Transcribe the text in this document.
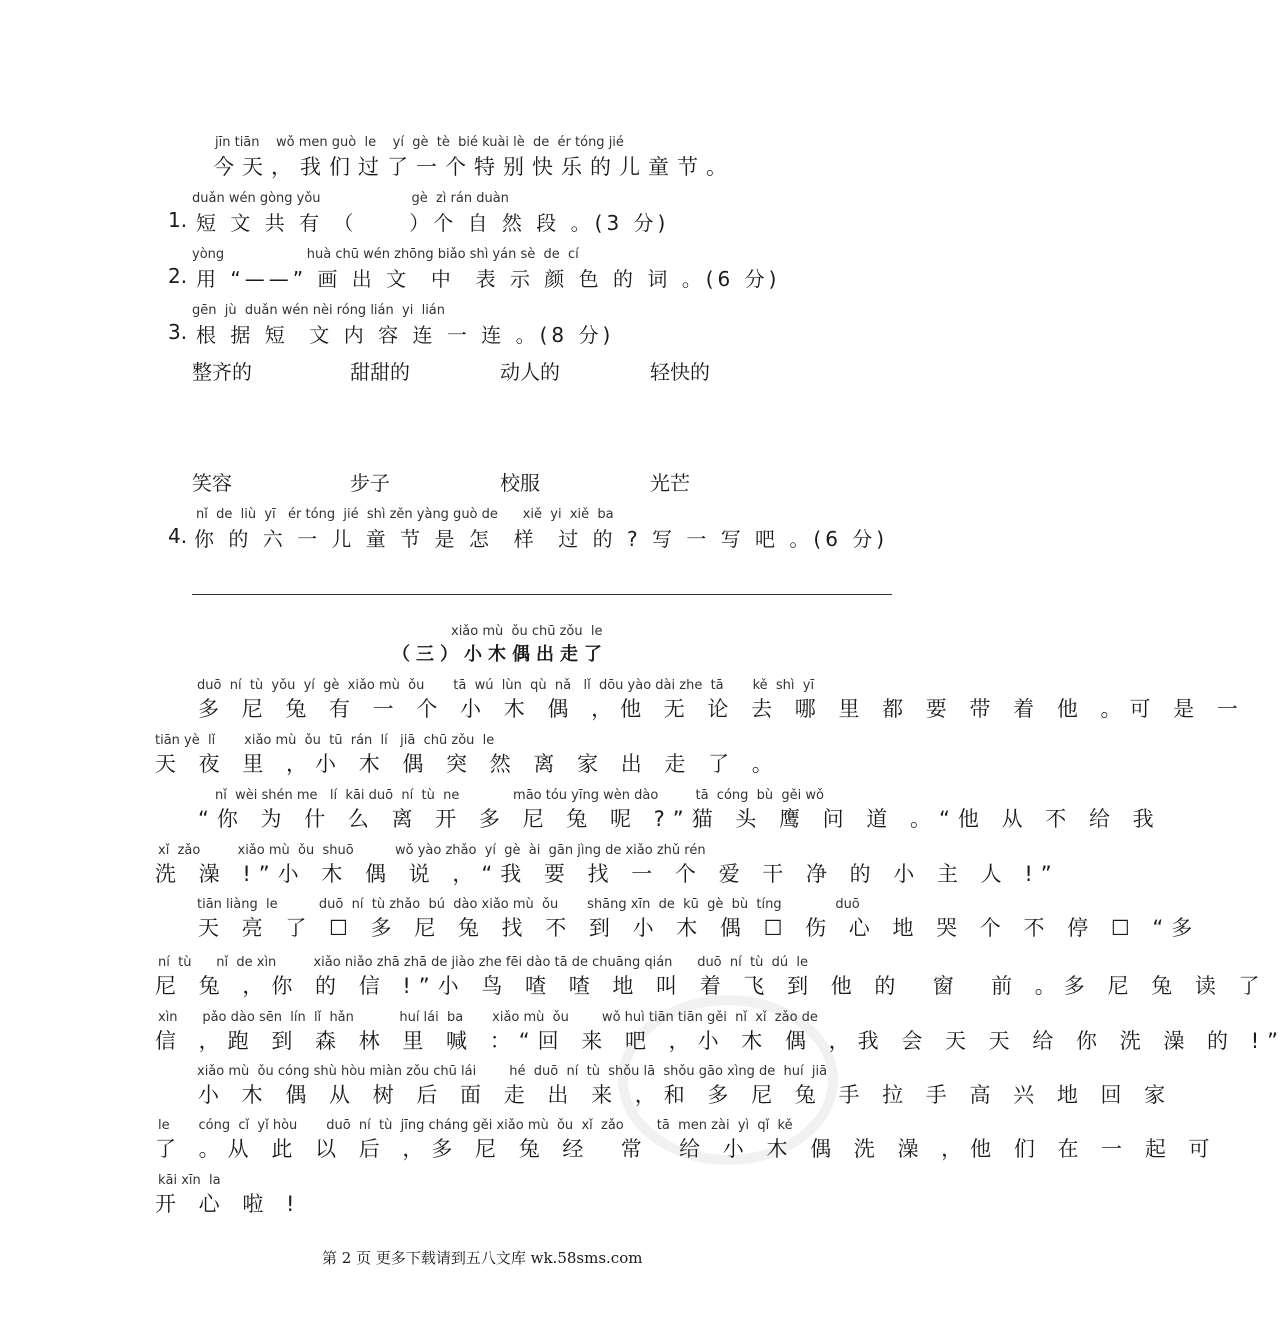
jīn tiān    wǒ men guò  le    yí  gè  tè  bié kuài lè  de  ér tóng jié
今天，我们过了一个特别快乐的儿童节。
duǎn wén gòng yǒu                      gè  zì rán duàn
1. 短 文 共 有 （     ）个 自 然 段 。(3 分)
yòng                    huà chū wén zhōng biǎo shì yán sè  de  cí
2. 用 “——” 画 出 文  中  表 示 颜 色 的 词 。(6 分)
gēn  jù  duǎn wén nèi róng lián  yi  lián
3. 根 据 短  文 内 容 连 一 连 。(8 分)
整齐的	甜甜的	动人的	轻快的
笑容	步子	校服	光芒
nǐ  de  liù  yī   ér tóng  jié  shì zěn yàng guò de      xiě  yi  xiě  ba
4. 你 的 六 一 儿 童 节 是 怎  样  过 的 ? 写 一 写 吧 。(6 分)
xiǎo mù  ǒu chū zǒu  le
（三）小木偶出走了
duō  ní  tù  yǒu  yí  gè  xiǎo mù  ǒu       tā  wú  lùn  qù  nǎ   lǐ  dōu yào dài zhe  tā       kě  shì  yī
多 尼 兔 有 一 个 小 木 偶 ，他 无 论 去 哪 里 都 要 带 着 他 。可 是 一
tiān yè  lǐ       xiǎo mù  ǒu  tū  rán  lí   jiā  chū zǒu  le
天 夜 里 ，小 木 偶 突 然 离 家 出 走 了 。
nǐ  wèi shén me   lí  kāi duō  ní  tù  ne             māo tóu yīng wèn dào         tā  cóng  bù  gěi wǒ
“你 为 什 么 离 开 多 尼 兔 呢 ?”猫 头 鹰 问 道 。“他 从 不 给 我
xǐ  zǎo         xiǎo mù  ǒu  shuō          wǒ yào zhǎo  yí  gè  ài  gān jìng de xiǎo zhǔ rén
洗 澡 !”小 木 偶 说 ，“我 要 找 一 个 爱 干 净 的 小 主 人 !”
tiān liàng  le          duō  ní  tù zhǎo  bú  dào xiǎo mù  ǒu       shāng xīn  de  kū  gè  bù  tíng             duō
天 亮 了 ☐ 多 尼 兔 找 不 到 小 木 偶 ☐ 伤 心 地 哭 个 不 停 ☐ “多
ní  tù      nǐ  de xìn         xiǎo niǎo zhā zhā de jiào zhe fēi dào tā de chuāng qián      duō  ní  tù  dú  le
尼 兔 ，你 的 信 !”小 鸟 喳 喳 地 叫 着 飞 到 他 的  窗  前 。多 尼 兔 读 了
xìn      pǎo dào sēn  lín  lǐ  hǎn           huí lái  ba       xiǎo mù  ǒu        wǒ huì tiān tiān gěi  nǐ  xǐ  zǎo de
信 ，跑 到 森 林 里 喊 ：“回 来 吧 ，小 木 偶 ，我 会 天 天 给 你 洗 澡 的 !”
xiǎo mù  ǒu cóng shù hòu miàn zǒu chū lái        hé  duō  ní  tù  shǒu lā  shǒu gāo xìng de  huí  jiā
小 木 偶 从 树 后 面 走 出 来 ，和 多 尼 兔 手 拉 手 高 兴 地 回 家
le       cóng  cǐ  yǐ hòu       duō  ní  tù  jīng cháng gěi xiǎo mù  ǒu  xǐ  zǎo        tā  men zài  yì  qǐ  kě
了 。从 此 以 后 ，多 尼 兔 经  常  给 小 木 偶 洗 澡 ，他 们 在 一 起 可
kāi xīn  la
开 心 啦 !
第 2 页 更多下载请到五八文库 wk.58sms.com
